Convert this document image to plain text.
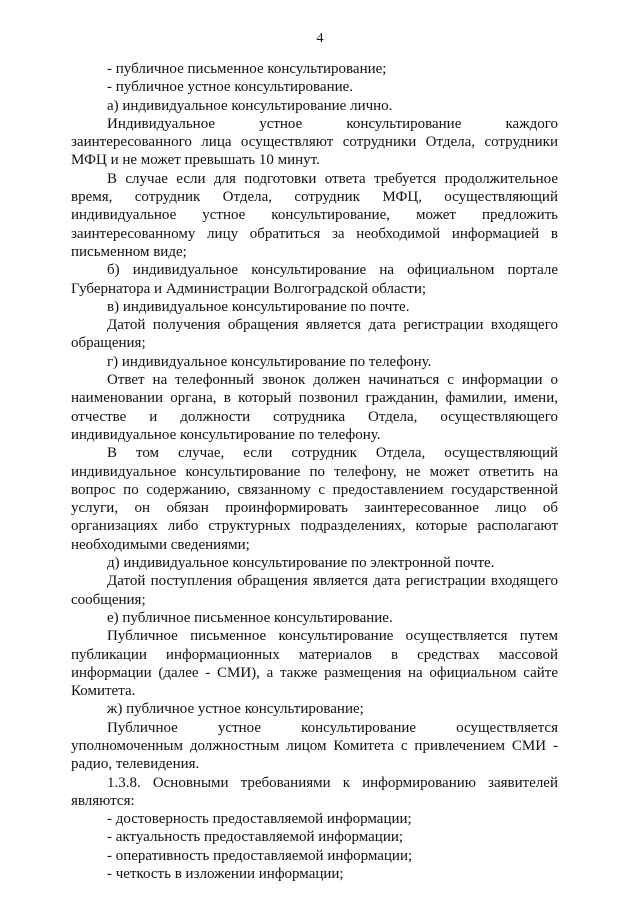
4

- публичное письменное консультирование;

- публичное устное консультирование.

а) индивидуальное консультирование лично.

Индивидуальное устное консультирование каждого заинтересованного лица осуществляют сотрудники Отдела, сотрудники МФЦ и не может превышать 10 минут.

В случае если для подготовки ответа требуется продолжительное время, сотрудник Отдела, сотрудник МФЦ, осуществляющий индивидуальное устное консультирование, может предложить заинтересованному лицу обратиться за необходимой информацией в письменном виде;

б) индивидуальное консультирование на официальном портале Губернатора и Администрации Волгоградской области;

в) индивидуальное консультирование по почте.

Датой получения обращения является дата регистрации входящего обращения;

г) индивидуальное консультирование по телефону.

Ответ на телефонный звонок должен начинаться с информации о наименовании органа, в который позвонил гражданин, фамилии, имени, отчестве и должности сотрудника Отдела, осуществляющего индивидуальное консультирование по телефону.

В том случае, если сотрудник Отдела, осуществляющий индивидуальное консультирование по телефону, не может ответить на вопрос по содержанию, связанному с предоставлением государственной услуги, он обязан проинформировать заинтересованное лицо об организациях либо структурных подразделениях, которые располагают необходимыми сведениями;

д) индивидуальное консультирование по электронной почте.

Датой поступления обращения является дата регистрации входящего сообщения;

е) публичное письменное консультирование.

Публичное письменное консультирование осуществляется путем публикации информационных материалов в средствах массовой информации (далее - СМИ), а также размещения на официальном сайте Комитета.

ж) публичное устное консультирование;

Публичное устное консультирование осуществляется уполномоченным должностным лицом Комитета с привлечением СМИ - радио, телевидения.

1.3.8. Основными требованиями к информированию заявителей являются:

- достоверность предоставляемой информации;

- актуальность предоставляемой информации;

- оперативность предоставляемой информации;

- четкость в изложении информации;
